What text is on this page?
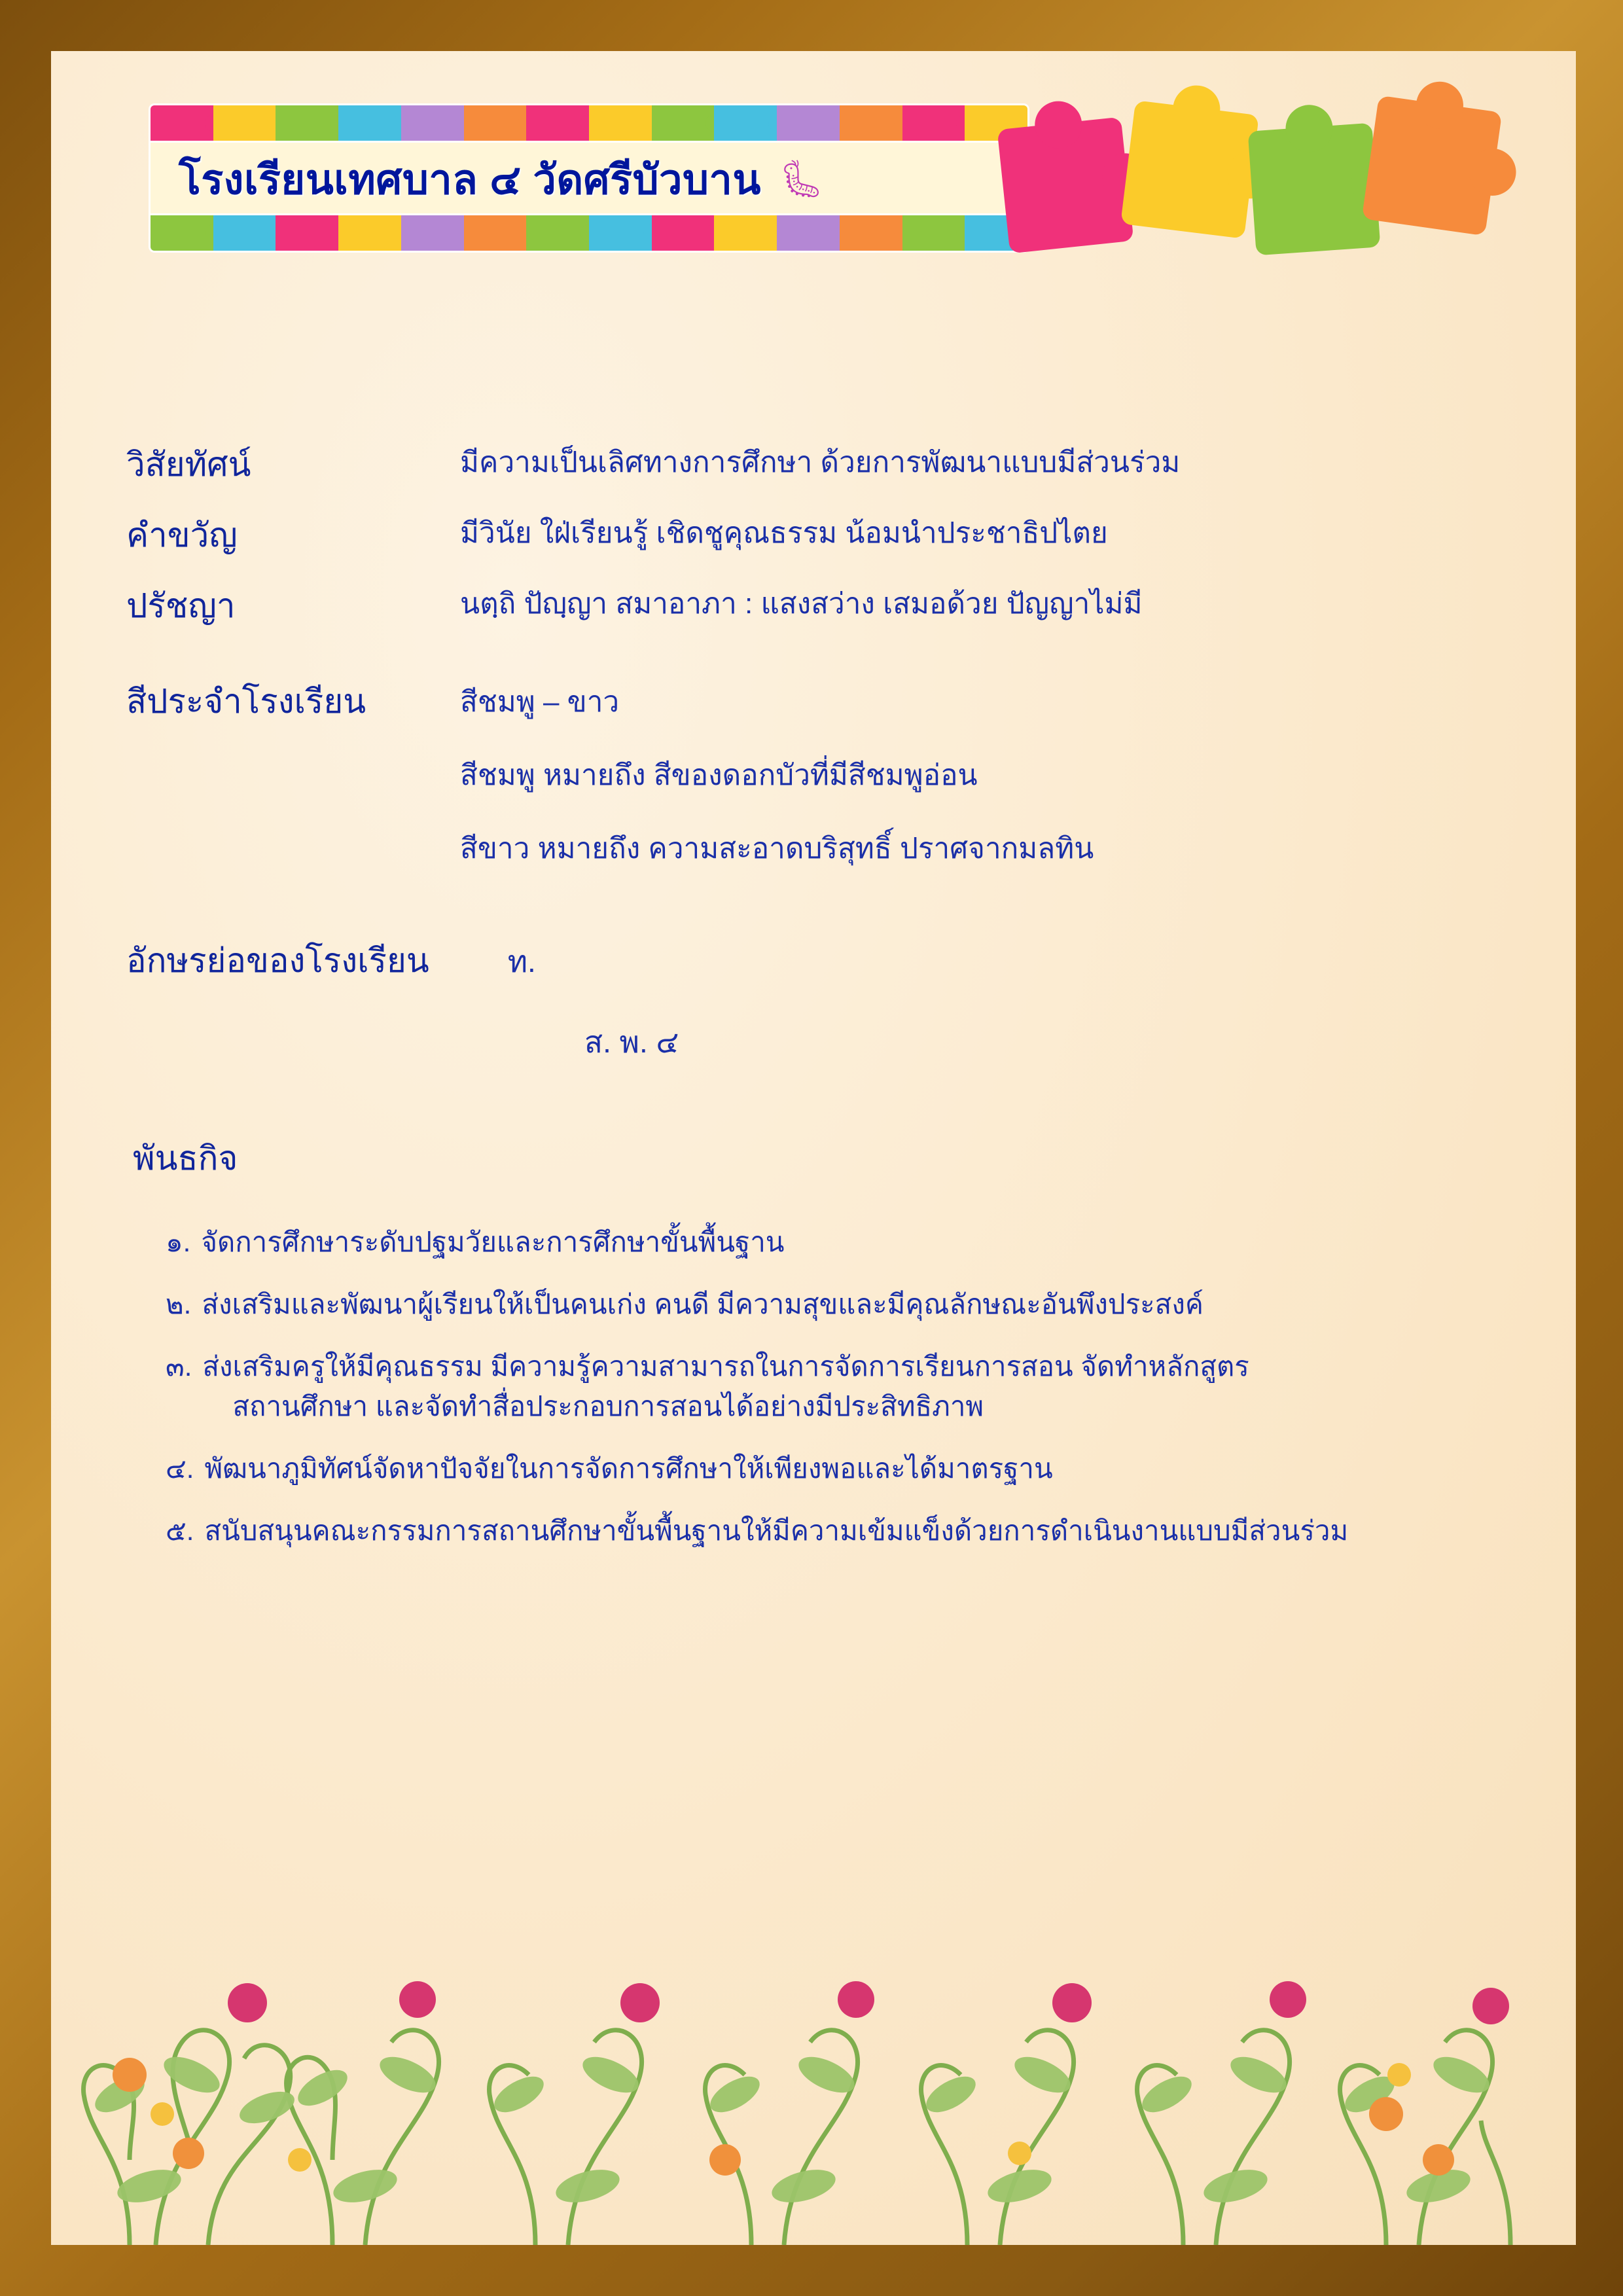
โรงเรียนเทศบาล ๔ วัดศรีบัวบาน 🐛︎
วิสัยทัศน์	มีความเป็นเลิศทางการศึกษา ด้วยการพัฒนาแบบมีส่วนร่วม
คำขวัญ	มีวินัย ใฝ่เรียนรู้ เชิดชูคุณธรรม น้อมนำประชาธิปไตย
ปรัชญา	นตฺถิ ปัญฺญา สมาอาภา : แสงสว่าง เสมอด้วย ปัญญาไม่มี
สีประจำโรงเรียน	สีชมพู – ขาว
สีชมพู หมายถึง สีของดอกบัวที่มีสีชมพูอ่อน
สีขาว หมายถึง ความสะอาดบริสุทธิ์ ปราศจากมลทิน
อักษรย่อของโรงเรียน	ท.
ส. พ. ๔
พันธกิจ
๑. จัดการศึกษาระดับปฐมวัยและการศึกษาขั้นพื้นฐาน
๒. ส่งเสริมและพัฒนาผู้เรียนให้เป็นคนเก่ง คนดี มีความสุขและมีคุณลักษณะอันพึงประสงค์
๓. ส่งเสริมครูให้มีคุณธรรม มีความรู้ความสามารถในการจัดการเรียนการสอน จัดทำหลักสูตร
สถานศึกษา และจัดทำสื่อประกอบการสอนได้อย่างมีประสิทธิภาพ
๔. พัฒนาภูมิทัศน์จัดหาปัจจัยในการจัดการศึกษาให้เพียงพอและได้มาตรฐาน
๕. สนับสนุนคณะกรรมการสถานศึกษาขั้นพื้นฐานให้มีความเข้มแข็งด้วยการดำเนินงานแบบมีส่วนร่วม
